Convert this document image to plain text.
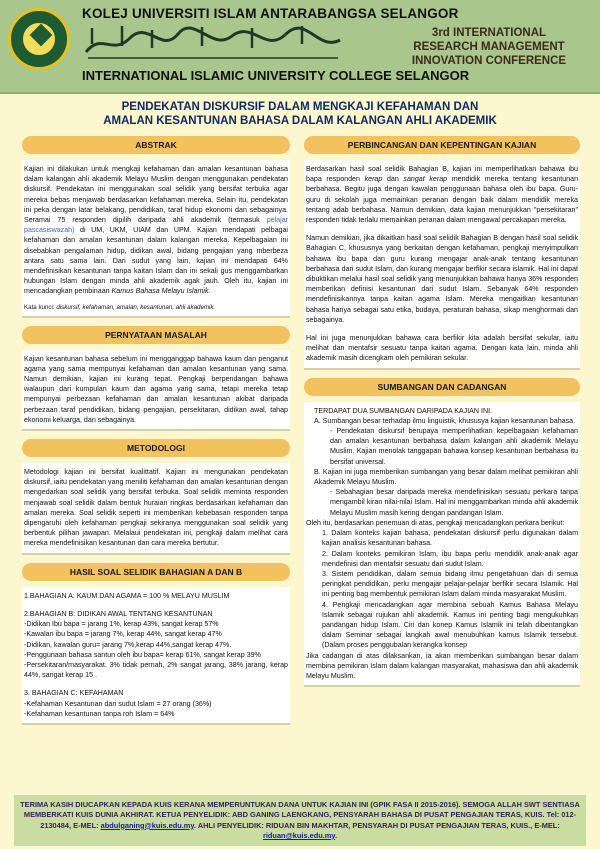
KOLEJ UNIVERSITI ISLAM ANTARABANGSA SELANGOR
INTERNATIONAL ISLAMIC UNIVERSITY COLLEGE SELANGOR
3rd INTERNATIONAL
RESEARCH MANAGEMENT
INNOVATION CONFERENCE
PENDEKATAN DISKURSIF DALAM MENGKAJI KEFAHAMAN DAN
AMALAN KESANTUNAN BAHASA DALAM KALANGAN AHLI AKADEMIK
ABSTRAK

Kajian ini dilakukan untuk mengkaji kefahaman dan amalan kesantunan bahasa dalam kalangan ahli akademik Melayu Muslim dengan menggunakan pendekatan diskursif. Pendekatan ini menggunakan soal selidik yang bersifat terbuka agar mereka bebas menjawab berdasarkan kefahaman mereka. Selain itu, pendekatan ini peka dengan latar belakang, pendidikan, taraf hidup ekonomi dan sebagainya. Seramai 75 responden dipilih daripada ahli akademik (termasuk pelajar pascasiswazah) di UM, UKM, UIAM dan UPM. Kajian mendapati pelbagai kefahaman dan amalan kesantunan dalam kalangan mereka. Kepelbagaian ini disebabkan pengalaman hidup, didikan awal, bidang pengajian yang mberbeza antara satu sama lain. Dari sudut yang lain, kajian ini mendapati 64% mendefinisikan kesantunan tanpa kaitan Islam dan ini sekali gus menggambarkan hubungan Islam dengan minda ahli akademik agak jauh. Oleh itu, kajian ini mencadangkan pembinaan Kamus Bahasa Melayu Islamik.

Kata kunci: diskursif, kefahaman, amalan, kesantunan, ahli akademik.

PERNYATAAN MASALAH

Kajian kesantunan bahasa sebelum ini mengganggap bahawa kaum dan penganut agama yang sama mempunyai kefahaman dan amalan kesantunan yang sama. Namun demikian, kajian ini kurang tepat. Pengkaji berpendangan bahawa walaupun dari kumpulan kaum dan agama yang sama, tetapi mereka tetap mempunyai perbezaan kefahaman dan amalan kesantunan akibat daripada perbezaan taraf pendidikan, bidang pengajian, persekitaran, didikan awal, tahap ekonomi keluarga, dan sebagainya.

METODOLOGI

Metodologi kajian ini bersifat kualittatif. Kajian ini mengunakan pendekatan diskursif, iaitu pendekatan yang meniliti kefahaman dan amalan kesantunan dengan mengedarkan soal selidik yang bersifat terbuka. Soal selidik meminta responden menjawab soal selidik dalam bentuk huraian ringkas berdasarkan kefahaman dan amalan mereka. Soal selidik seperti ini memberikan kebebasan responden tanpa dipengaruhi oleh kefahaman pengkaji sekiranya menggunakan soal selidik yang berbentuk pilihan jawapan. Melalaui pendekatan ini, pengkaji dalam melihat cara mereka mendefinisikan kesantunan dan cara mereka bertutur.

HASIL SOAL SELIDIK BAHAGIAN A DAN B

1.BAHAGIAN A: KAUM DAN AGAMA = 100 % MELAYU MUSLIM

2.BAHAGIAN B: DIDIKAN AWAL TENTANG KESANTUNAN

-Didikan Ibu bapa = jarang 1%, kerap 43%, sangat kerap 57%

-Kawalan ibu bapa = jarang 7%, kerap 44%, sangat kerap 47%

-Didikan, kawalan guru= jarang 7%,kerap 44%,sangat kerap 47%.

-Penggunaan bahasa santun oleh ibu bapa= kerap 61%, sangat kerap 39%

-Persekitaran/masyarakat. 3% tidak pernah, 2% sangat jarang, 38% jarang, kerap 44%, sangat kerap 15 .

3. BAHAGIAN C: KEFAHAMAN

-Kefahaman Kesantunan dari sudut Islam = 27 orang (36%)

-Kefahaman kesantunan tanpa roh Islam = 64%

PERBINCANGAN DAN KEPENTINGAN KAJIAN

Berdasarkan hasil soal selidik Bahagian B, kajian ini memperlihatkan bahawa ibu bapa responden kerap dan sangat kerap mendidik mereka tentang kesantunan berbahasa. Begitu juga dengan kawalan penggunaan bahasa oleh ibu bapa. Guru-guru di sekolah juga memainkan peranan dengan baik dalam mendidik mereka tentang adab berbahasa. Namun demikian, data kajian menunjukkan "persekitaran" responden tidak terlalu memainkan peranan dalam mengawal percakapan mereka.

Namun demikian, jika dikaitkan hasil soal selidik Bahagian B dengan hasil soal selidik Bahagian C, khususnya yang berkaitan dengan kefahaman, pengkaji menyimpulkan bahawa ibu bapa dan guru kurang mengajar anak-anak tentang kesantunan berbahasa dari sudut Islam, dan kurang mengajar berfikir secara islamik. Hal ini dapat dibuktikan melalui hasil soal selidik yang menunjukkan bahawa hanya 36% responden memberikan definisi kesantunan dari sudut Islam. Sebanyak 64% responden mendefinisikannya tanpa kaitan agama Islam. Mereka mengaitkan kesantunan bahasa hanya sebagai satu etika, budaya, peraturan bahasa, sikap menghormati dan sebagainya.

Hal ini juga menunjukkan bahawa cara berfikir kita adalah bersifat sekular, iaitu melihat dan mentafsir sesuatu tanpa kaitan agama. Dengan kata lain, minda ahli akademik masih dicengkam oleh pemikiran sekular.

SUMBANGAN DAN CADANGAN

TERDAPAT DUA SUMBANGAN DARIPADA KAJIAN INI.

A. Sumbangan besar terhadap ilmu linguistik, khususya kajian kesantunan bahasa.

- Pendekatan diskursif berupaya memperlihatkan kepelbagaian kefahaman dan amalan kesantunan berbahasa dalam kalangan ahli akademik Melayu Muslim. Kajian menolak tanggapan bahawa konsep kesantunan berbahasa itu bersifat universal.

B. Kajian ini juga memberikan sumbangan yang besar dalam melihat pemikiran ahli Akademik Melayu Muslim.

- Sebahagian besar daripada mereka mendefinisikan sesuatu perkara tanpa mengambil kiran nilai-nilai Islam. Hal ini menggambarkan minda ahli akademik Melayu Muslim masih kering dengan pandangan Islam.

Oleh itu, berdasarkan penemuan di atas, pengkaji mencadangkan perkara berikut:

1. Dalam konteks kajian bahasa, pendekatan diskursif perlu digunakan dalam kajian analisis kesantunan bahasa.

2. Dalam konteks pemikiran Islam, ibu bapa perlu mendidik anak-anak agar mendefinisi dan mentafsir sesuatu dari sudut Islam.

3. Sistem pendidikan, dalam semua bidang ilmu pengetahuan dan di semua peringkat pendidikan, perlu mengajar pelajar-pelajar berfikir secara Islamik. Hal ini penting bag membentuk pemikiran Islam dalam minda masyarakat Muslim.

4. Pengkaji mencadangkan agar membina sebuah Kamus Bahasa Melayu Islamik sebagai rujukan ahli akademik. Kamus ini penting bagi mengukuhkan pandangan hidup Islam. Ciri dan konep Kamus Islamik ini telah dibentangkan dalam Seminar sebagai langkah awal menubuhkan kamus Islamik tersebut. (Dalam proses penggubalan kerangka konsep

Jika cadangan di atas dilaksankan, ia akan memberikan sumbangan besar dalam membina pemikiran Islam dalam kalangan masyarakat, mahasiswa dan ahli akademik Melayu Muslim.

TERIMA KASIH DIUCAPKAN KEPADA KUIS KERANA MEMPERUNTUKAN DANA UNTUK KAJIAN INI (GPIK FASA II 2015-2016). SEMOGA ALLAH SWT SENTIASA MEMBERKATI KUIS DUNIA AKHIRAT. KETUA PENYELIDIK: ABD GANING LAENGKANG, PENSYARAH BAHASA DI PUSAT PENGAJIAN TERAS, KUIS. Tel: 012-2130484, E-MEL: abdulganing@kuis.edu.my. AHLI PENYELIDIK: RIDUAN BIN MAKHTAR, PENSYARAH DI PUSAT PENGAJIAN TERAS, KUIS., E-MEL: riduan@kuis.edu.my.
